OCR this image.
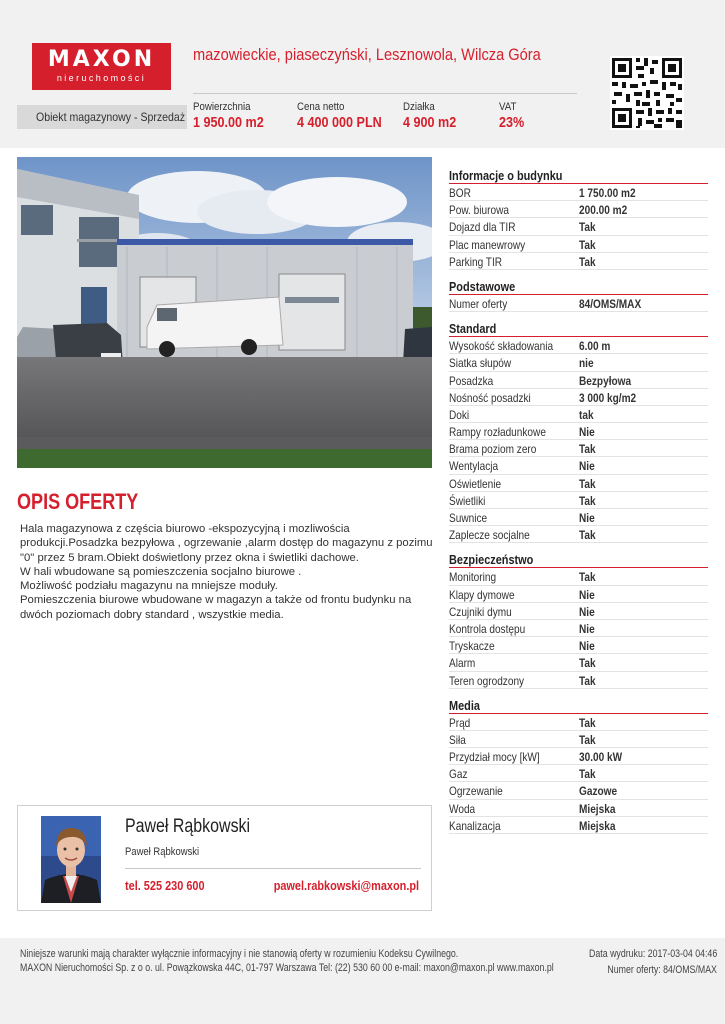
MAXON
nieruchomości
mazowieckie, piaseczyński, Lesznowola, Wilcza Góra
Obiekt magazynowy - Sprzedaż
Powierzchnia
1 950.00 m2
Cena netto
4 400 000 PLN
Działka
4 900 m2
VAT
23%
OPIS OFERTY

Hala magazynowa z częścia biurowo -ekspozycyjną i mozliwościa

produkcji.Posadzka bezpyłowa , ogrzewanie ,alarm dostęp do magazynu z pozimu

"0" przez 5 bram.Obiekt doświetlony przez okna i świetliki dachowe.

W hali wbudowane są pomieszczenia socjalno biurowe .

Możliwość podziału magazynu na mniejsze moduły.

Pomieszczenia biurowe wbudowane w magazyn a także od frontu budynku na

dwóch poziomach dobry standard , wszystkie media.

Paweł Rąbkowski
Paweł Rąbkowski
tel. 525 230 600	pawel.rabkowski@maxon.pl
Informacje o budynku
BOR	1 750.00 m2
Pow. biurowa	200.00 m2
Dojazd dla TIR	Tak
Plac manewrowy	Tak
Parking TIR	Tak
Podstawowe
Numer oferty	84/OMS/MAX
Standard
Wysokość składowania 6.00 m
Siatka słupów	nie
Posadzka	Bezpyłowa
Nośność posadzki	3 000 kg/m2
Doki	tak
Rampy rozładunkowe	Nie
Brama poziom zero	Tak
Wentylacja	Nie
Oświetlenie	Tak
Świetliki	Tak
Suwnice	Nie
Zaplecze socjalne	Tak
Bezpieczeństwo
Monitoring	Tak
Klapy dymowe	Nie
Czujniki dymu	Nie
Kontrola dostępu	Nie
Tryskacze	Nie
Alarm	Tak
Teren ogrodzony	Tak
Media
Prąd	Tak
Siła	Tak
Przydział mocy [kW]	30.00 kW
Gaz	Tak
Ogrzewanie	Gazowe
Woda	Miejska
Kanalizacja	Miejska
Niniejsze warunki mają charakter wyłącznie informacyjny i nie stanowią oferty w rozumieniu Kodeksu Cywilnego.
MAXON Nieruchomości Sp. z o o. ul. Powązkowska 44C, 01-797 Warszawa Tel: (22) 530 60 00 e-mail: maxon@maxon.pl www.maxon.pl
Data wydruku: 2017-03-04 04:46
Numer oferty: 84/OMS/MAX
